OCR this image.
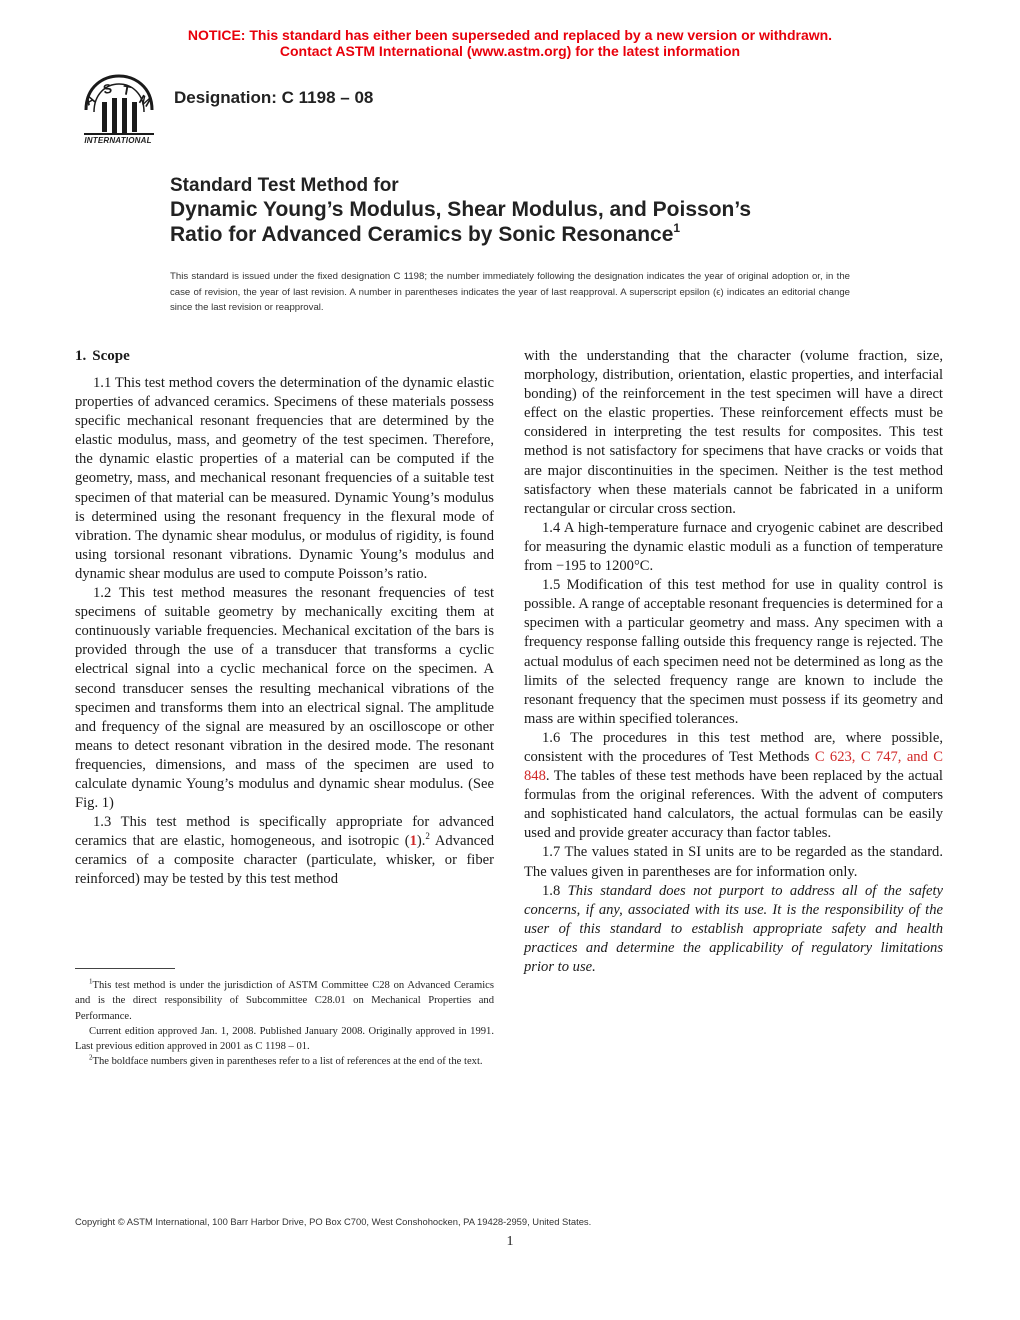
NOTICE: This standard has either been superseded and replaced by a new version or withdrawn.
Contact ASTM International (www.astm.org) for the latest information
A
S T
M
INTERNATIONAL
Designation: C 1198 – 08
Standard Test Method for
Dynamic Young’s Modulus, Shear Modulus, and Poisson’s
Ratio for Advanced Ceramics by Sonic Resonance$^1$
This standard is issued under the fixed designation C 1198; the number immediately following the designation indicates the year of original adoption or, in the case of revision, the year of last revision. A number in parentheses indicates the year of last reapproval. A superscript epsilon (ϵ) indicates an editorial change since the last revision or reapproval.
1. Scope

1.1 This test method covers the determination of the dynamic elastic properties of advanced ceramics. Specimens of these materials possess specific mechanical resonant frequencies that are determined by the elastic modulus, mass, and geometry of the test specimen. Therefore, the dynamic elastic properties of a material can be computed if the geometry, mass, and mechanical resonant frequencies of a suitable test specimen of that material can be measured. Dynamic Young’s modulus is determined using the resonant frequency in the flexural mode of vibration. The dynamic shear modulus, or modulus of rigidity, is found using torsional resonant vibrations. Dynamic Young’s modulus and dynamic shear modulus are used to compute Poisson’s ratio.

1.2 This test method measures the resonant frequencies of test specimens of suitable geometry by mechanically exciting them at continuously variable frequencies. Mechanical excitation of the bars is provided through the use of a transducer that transforms a cyclic electrical signal into a cyclic mechanical force on the specimen. A second transducer senses the resulting mechanical vibrations of the specimen and transforms them into an electrical signal. The amplitude and frequency of the signal are measured by an oscilloscope or other means to detect resonant vibration in the desired mode. The resonant frequencies, dimensions, and mass of the specimen are used to calculate dynamic Young’s modulus and dynamic shear modulus. (See Fig. 1)

1.3 This test method is specifically appropriate for advanced ceramics that are elastic, homogeneous, and isotropic (1).$^2$ Advanced ceramics of a composite character (particulate, whisker, or fiber reinforced) may be tested by this test method

$^1$This test method is under the jurisdiction of ASTM Committee C28 on Advanced Ceramics and is the direct responsibility of Subcommittee C28.01 on Mechanical Properties and Performance.

Current edition approved Jan. 1, 2008. Published January 2008. Originally approved in 1991. Last previous edition approved in 2001 as C 1198 – 01.

$^2$The boldface numbers given in parentheses refer to a list of references at the end of the text.

with the understanding that the character (volume fraction, size, morphology, distribution, orientation, elastic properties, and interfacial bonding) of the reinforcement in the test specimen will have a direct effect on the elastic properties. These reinforcement effects must be considered in interpreting the test results for composites. This test method is not satisfactory for specimens that have cracks or voids that are major discontinuities in the specimen. Neither is the test method satisfactory when these materials cannot be fabricated in a uniform rectangular or circular cross section.

1.4 A high-temperature furnace and cryogenic cabinet are described for measuring the dynamic elastic moduli as a function of temperature from −195 to 1200°C.

1.5 Modification of this test method for use in quality control is possible. A range of acceptable resonant frequencies is determined for a specimen with a particular geometry and mass. Any specimen with a frequency response falling outside this frequency range is rejected. The actual modulus of each specimen need not be determined as long as the limits of the selected frequency range are known to include the resonant frequency that the specimen must possess if its geometry and mass are within specified tolerances.

1.6 The procedures in this test method are, where possible, consistent with the procedures of Test Methods C 623, C 747, and C 848. The tables of these test methods have been replaced by the actual formulas from the original references. With the advent of computers and sophisticated hand calculators, the actual formulas can be easily used and provide greater accuracy than factor tables.

1.7 The values stated in SI units are to be regarded as the standard. The values given in parentheses are for information only.

1.8 This standard does not purport to address all of the safety concerns, if any, associated with its use. It is the responsibility of the user of this standard to establish appropriate safety and health practices and determine the applicability of regulatory limitations prior to use.

Copyright © ASTM International, 100 Barr Harbor Drive, PO Box C700, West Conshohocken, PA 19428-2959, United States.
1
